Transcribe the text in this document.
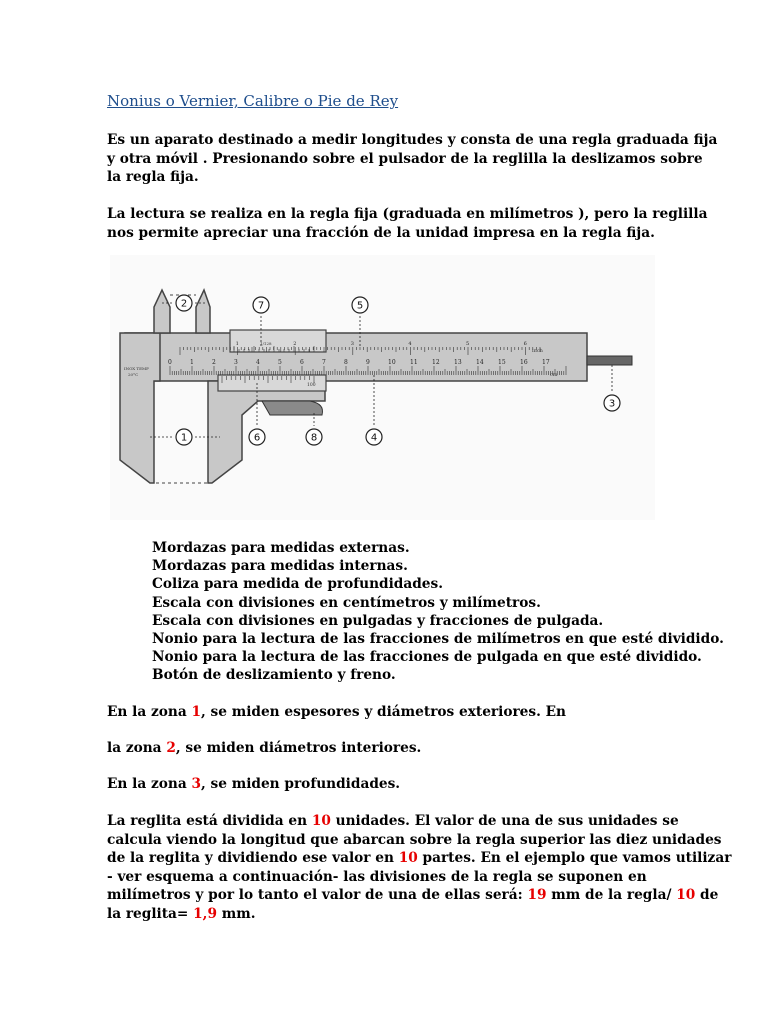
Nonius o Vernier, Calibre o Pie de Rey

Es un aparato destinado a medir longitudes y consta de una regla graduada fija
y otra móvil . Presionando sobre el pulsador de la reglilla la deslizamos sobre
la regla fija.

La lectura se realiza en la regla fija (graduada en milímetros ), pero la reglilla
nos permite apreciar una fracción de la unidad impresa en la regla fija.

INOX TEMP
20°C
1/128
100
inch
cm
0	1	2	3	4	5	6	7	8	9	10 11 12 13 14 15 16 17
1	2	3	4	5	6
1
2
3
4
5
6
7
8
Mordazas para medidas externas.
Mordazas para medidas internas.
Coliza para medida de profundidades.
Escala con divisiones en centímetros y milímetros.
Escala con divisiones en pulgadas y fracciones de pulgada.
Nonio para la lectura de las fracciones de milímetros en que esté dividido.
Nonio para la lectura de las fracciones de pulgada en que esté dividido.
Botón de deslizamiento y freno.

En la zona 1, se miden espesores y diámetros exteriores. En

la zona 2, se miden diámetros interiores.

En la zona 3, se miden profundidades.

La reglita está dividida en 10 unidades. El valor de una de sus unidades se
calcula viendo la longitud que abarcan sobre la regla superior las diez unidades
de la reglita y dividiendo ese valor en 10 partes. En el ejemplo que vamos utilizar
- ver esquema a continuación- las divisiones de la regla se suponen en
milímetros y por lo tanto el valor de una de ellas será: 19 mm de la regla/ 10 de
la reglita= 1,9 mm.
